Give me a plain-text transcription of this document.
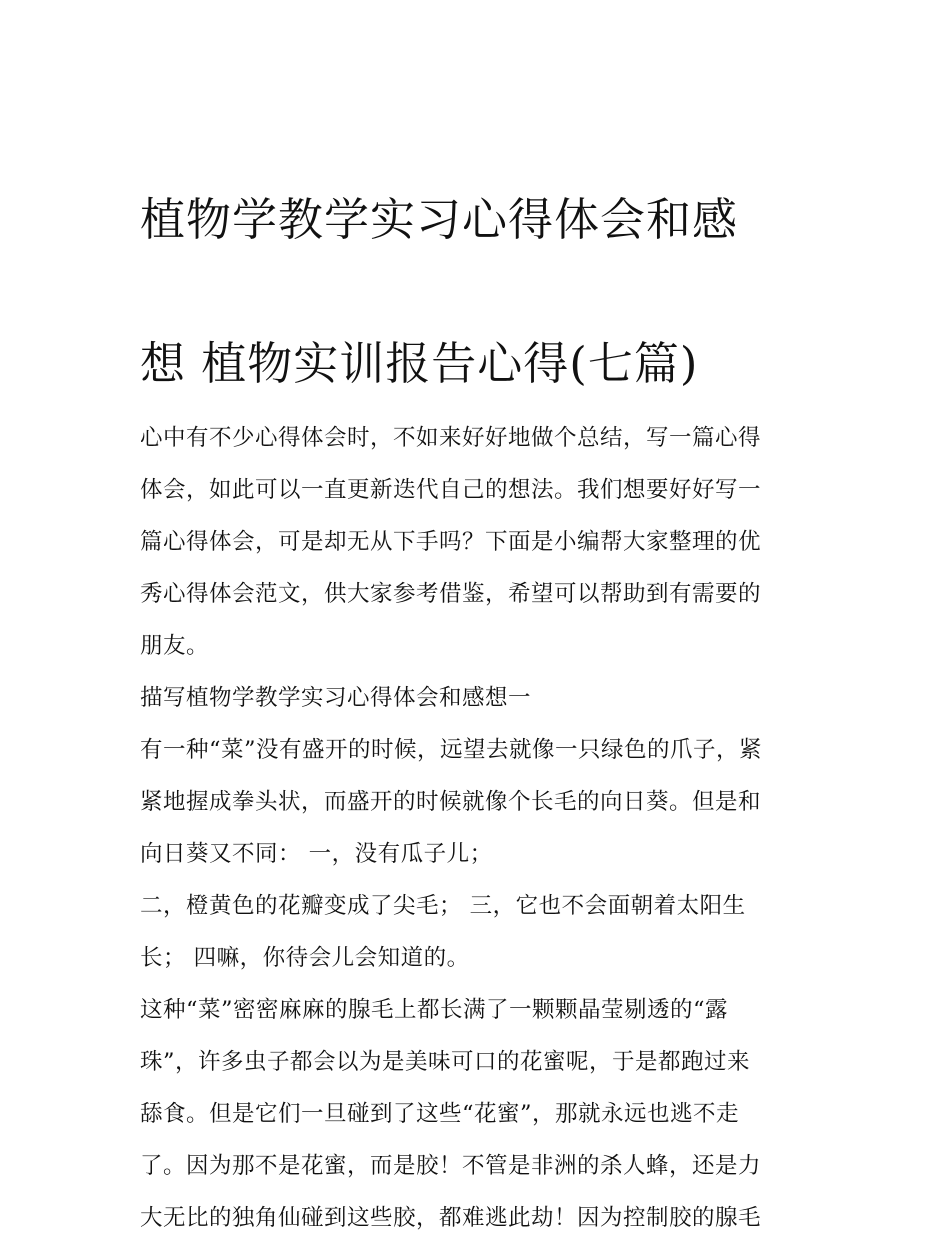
植物学教学实习心得体会和感

想 植物实训报告心得(七篇)

心中有不少心得体会时，不如来好好地做个总结，写一篇心得
体会，如此可以一直更新迭代自己的想法。我们想要好好写一
篇心得体会，可是却无从下手吗？下面是小编帮大家整理的优
秀心得体会范文，供大家参考借鉴，希望可以帮助到有需要的
朋友。
描写植物学教学实习心得体会和感想一
有一种“菜”没有盛开的时候，远望去就像一只绿色的爪子，紧
紧地握成拳头状，而盛开的时候就像个长毛的向日葵。但是和
向日葵又不同： 一，没有瓜子儿；
二，橙黄色的花瓣变成了尖毛； 三，它也不会面朝着太阳生
长； 四嘛，你待会儿会知道的。
这种“菜”密密麻麻的腺毛上都长满了一颗颗晶莹剔透的“露
珠”，许多虫子都会以为是美味可口的花蜜呢，于是都跑过来
舔食。但是它们一旦碰到了这些“花蜜”，那就永远也逃不走
了。因为那不是花蜜，而是胶！不管是非洲的杀人蜂，还是力
大无比的独角仙碰到这些胶，都难逃此劫！因为控制胶的腺毛
